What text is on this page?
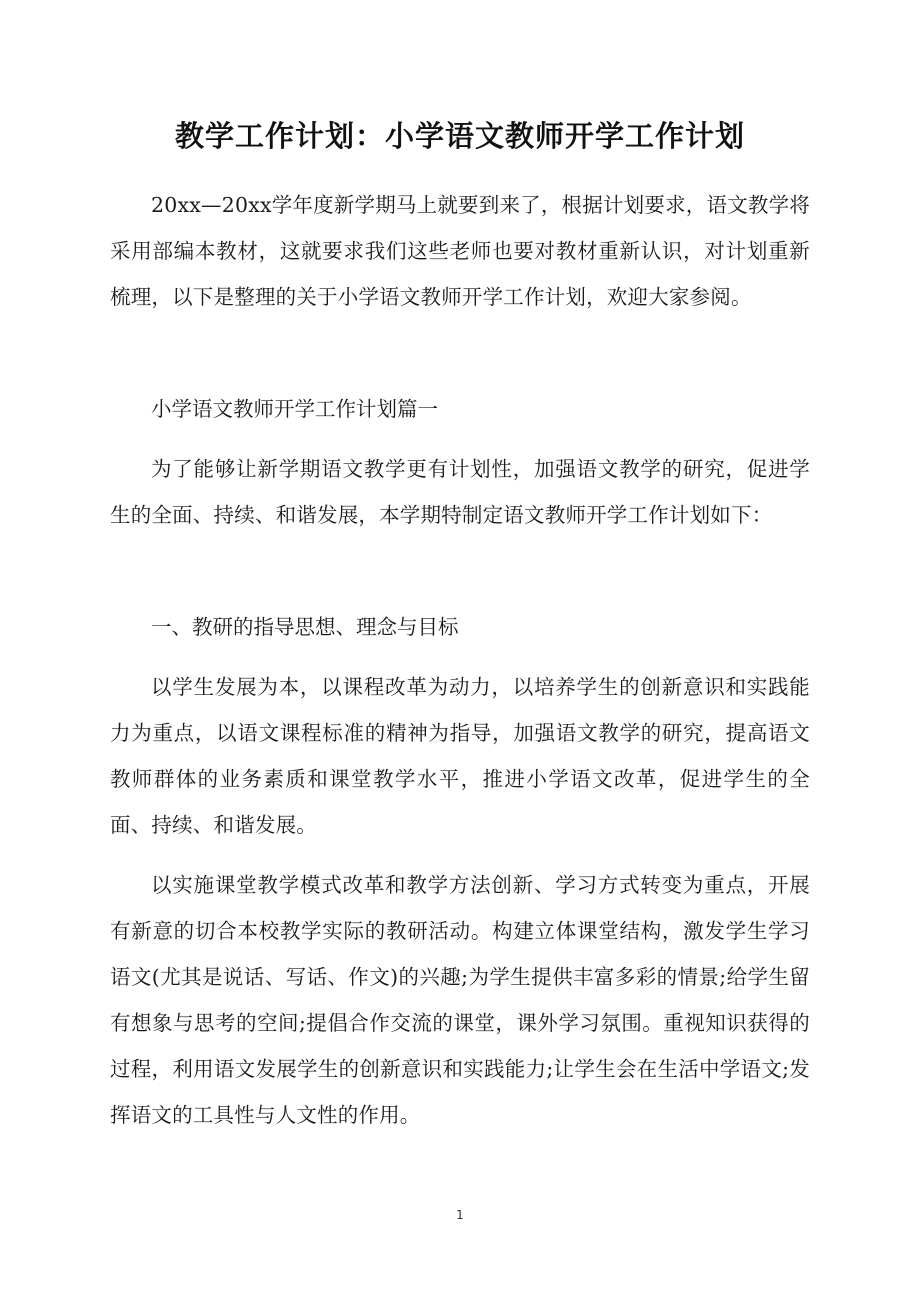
教学工作计划：小学语文教师开学工作计划

20xx—20xx学年度新学期马上就要到来了，根据计划要求，语文教学将采用部编本教材，这就要求我们这些老师也要对教材重新认识，对计划重新梳理，以下是整理的关于小学语文教师开学工作计划，欢迎大家参阅。

小学语文教师开学工作计划篇一

为了能够让新学期语文教学更有计划性，加强语文教学的研究，促进学生的全面、持续、和谐发展，本学期特制定语文教师开学工作计划如下：

一、教研的指导思想、理念与目标

以学生发展为本，以课程改革为动力，以培养学生的创新意识和实践能力为重点，以语文课程标准的精神为指导，加强语文教学的研究，提高语文教师群体的业务素质和课堂教学水平，推进小学语文改革，促进学生的全面、持续、和谐发展。

以实施课堂教学模式改革和教学方法创新、学习方式转变为重点，开展有新意的切合本校教学实际的教研活动。构建立体课堂结构，激发学生学习语文(尤其是说话、写话、作文)的兴趣;为学生提供丰富多彩的情景;给学生留有想象与思考的空间;提倡合作交流的课堂，课外学习氛围。重视知识获得的过程，利用语文发展学生的创新意识和实践能力;让学生会在生活中学语文;发挥语文的工具性与人文性的作用。

1
